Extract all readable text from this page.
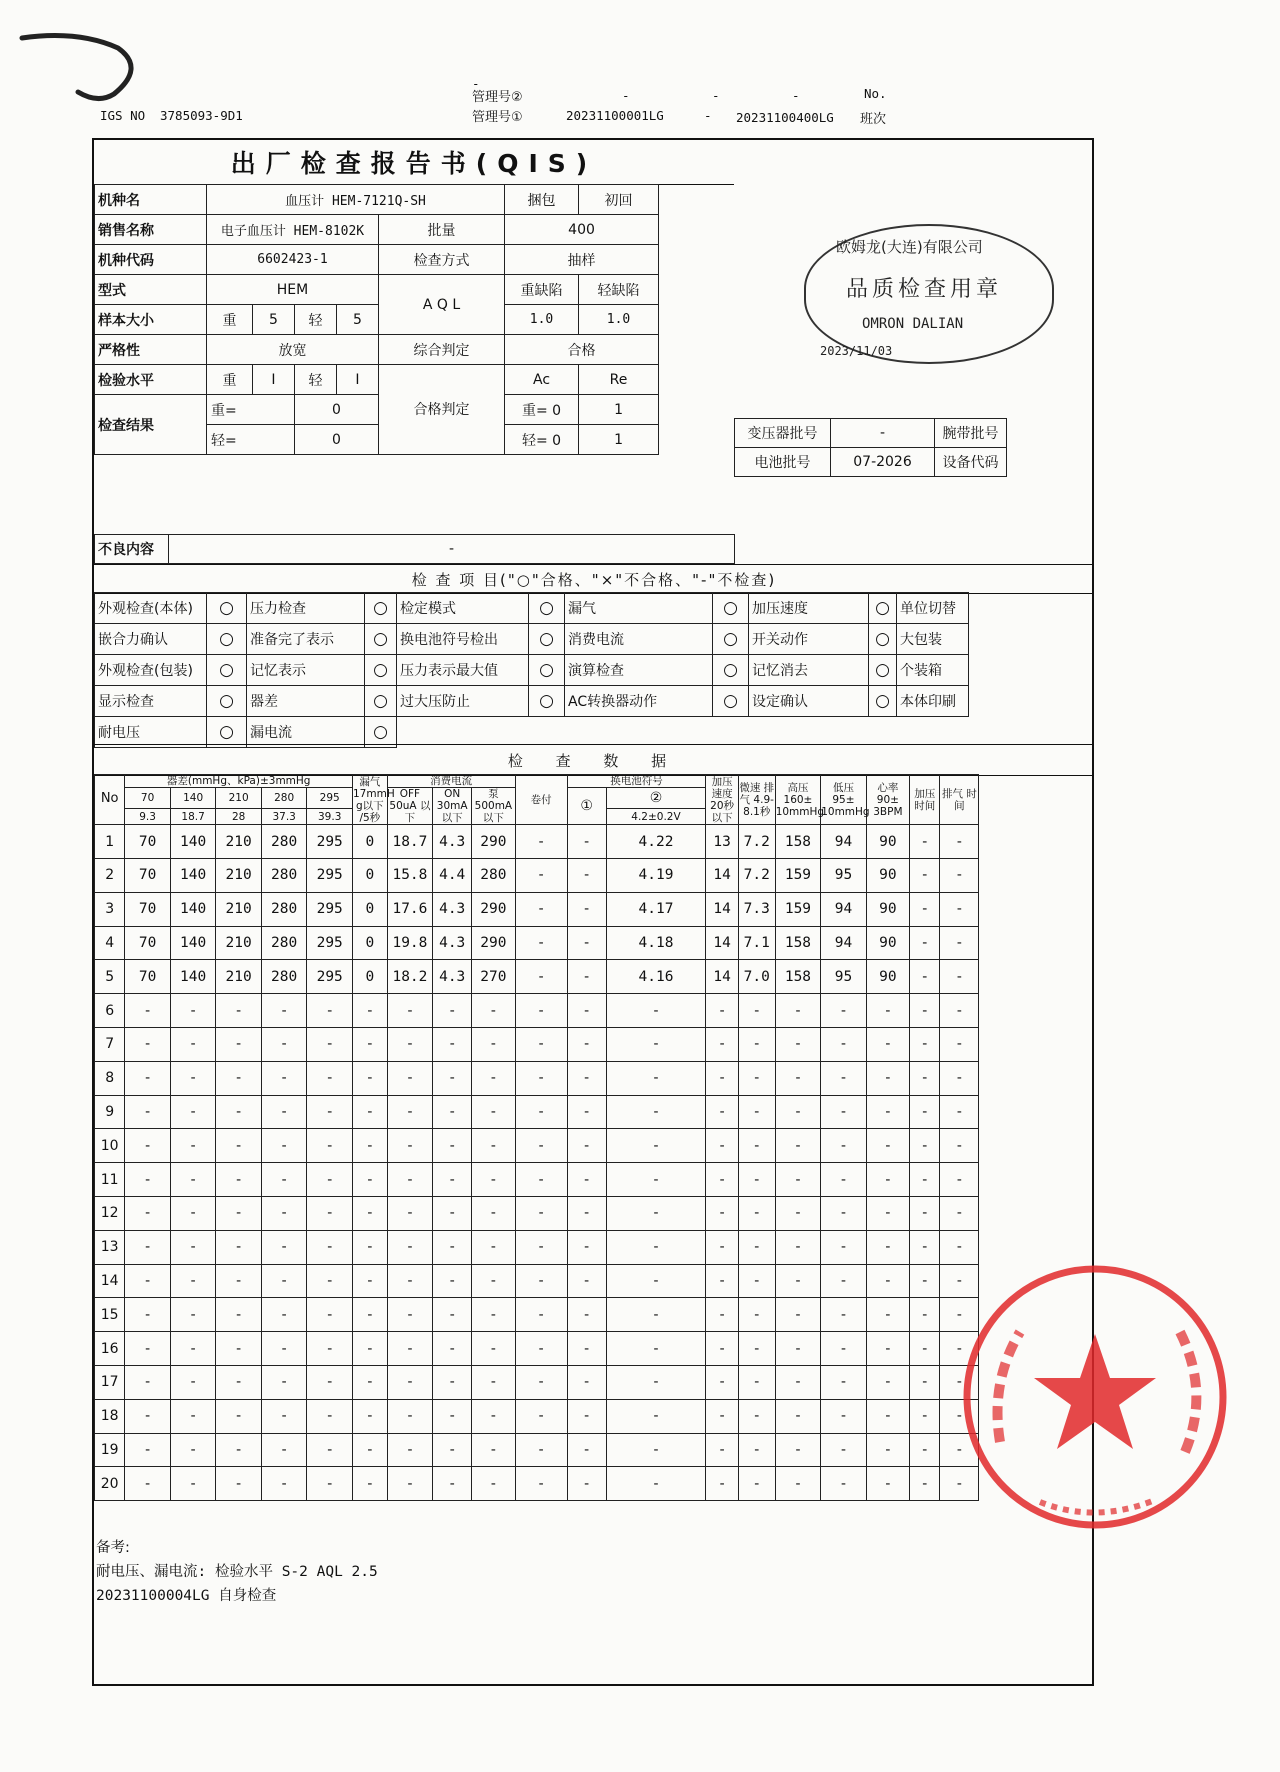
-
管理号②	-	-	-
IGS NO 3785093-9D1	管理号①	20231100001LG	- 20231100400LG
No.
班次
出厂检查报告书(QIS)
机种名	血压计 HEM-7121Q-SH					捆包	初回	
销售名称	电子血压计 HEM-8102K				批量	400		
机种代码	6602423-1				检查方式	抽样		
型式	HEM				A Q L	重缺陷	轻缺陷	
样本大小	重	5	轻	5		1.0	1.0	
严格性	放宽				综合判定	合格		
检验水平	重	I	轻	I		Ac	Re	
检查结果	重=		0		合格判定	重= 0	1	
	轻=		0			轻= 0	1	
欧姆龙(大连)有限公司
品质检查用章
OMRON DALIAN
2023/11/03
变压器批号	-	腕带批号	
电池批号	07-2026	设备代码	
不良内容	-	
检 查 项 目("○"合格、"×"不合格、"-"不检查)
外观检查(本体)	○	压力检查	○	检定模式	○	漏气	○	加压速度	○	单位切替
嵌合力确认	○	准备完了表示	○	换电池符号检出	○	消费电流	○	开关动作	○	大包装
外观检查(包装)	○	记忆表示	○	压力表示最大值	○	演算检查	○	记忆消去	○	个装箱
显示检查	○	器差	○	过大压防止	○	AC转换器动作	○	设定确认	○	本体印刷
耐电压	○	漏电流	○							
检 查 数 据
No	器差(mmHg、kPa)±3mmHg					漏气 17mmH g以下 /5秒	消费电流			卷付	换电池符号		加压 速度 20秒 以下	微速 排气 4.9- 8.1秒	高压 160± 10mmHg	低压 95± 10mmHg	心率 90± 3BPM	加压 时间	排气 时间	
	70	140	210	280	295		OFF 50uA 以下	ON 30mA 以下	泵 500mA 以下		①	②								
	9.3	18.7	28	37.3	39.3							4.2±0.2V								
1	70	140	210	280	295	0	18.7	4.3	290	-	-	4.22	13	7.2	158	94	90	-	-	
2	70	140	210	280	295	0	15.8	4.4	280	-	-	4.19	14	7.2	159	95	90	-	-	
3	70	140	210	280	295	0	17.6	4.3	290	-	-	4.17	14	7.3	159	94	90	-	-	
4	70	140	210	280	295	0	19.8	4.3	290	-	-	4.18	14	7.1	158	94	90	-	-	
5	70	140	210	280	295	0	18.2	4.3	270	-	-	4.16	14	7.0	158	95	90	-	-	
6	-	-	-	-	-	-	-	-	-	-	-	-	-	-	-	-	-	-	-	
7	-	-	-	-	-	-	-	-	-	-	-	-	-	-	-	-	-	-	-	
8	-	-	-	-	-	-	-	-	-	-	-	-	-	-	-	-	-	-	-	
9	-	-	-	-	-	-	-	-	-	-	-	-	-	-	-	-	-	-	-	
10	-	-	-	-	-	-	-	-	-	-	-	-	-	-	-	-	-	-	-	
11	-	-	-	-	-	-	-	-	-	-	-	-	-	-	-	-	-	-	-	
12	-	-	-	-	-	-	-	-	-	-	-	-	-	-	-	-	-	-	-	
13	-	-	-	-	-	-	-	-	-	-	-	-	-	-	-	-	-	-	-	
14	-	-	-	-	-	-	-	-	-	-	-	-	-	-	-	-	-	-	-	
15	-	-	-	-	-	-	-	-	-	-	-	-	-	-	-	-	-	-	-	
16	-	-	-	-	-	-	-	-	-	-	-	-	-	-	-	-	-	-	-	
17	-	-	-	-	-	-	-	-	-	-	-	-	-	-	-	-	-	-	-	
18	-	-	-	-	-	-	-	-	-	-	-	-	-	-	-	-	-	-	-	
19	-	-	-	-	-	-	-	-	-	-	-	-	-	-	-	-	-	-	-	
20	-	-	-	-	-	-	-	-	-	-	-	-	-	-	-	-	-	-	-	
备考:
耐电压、漏电流: 检验水平 S-2 AQL 2.5
20231100004LG 自身检查
